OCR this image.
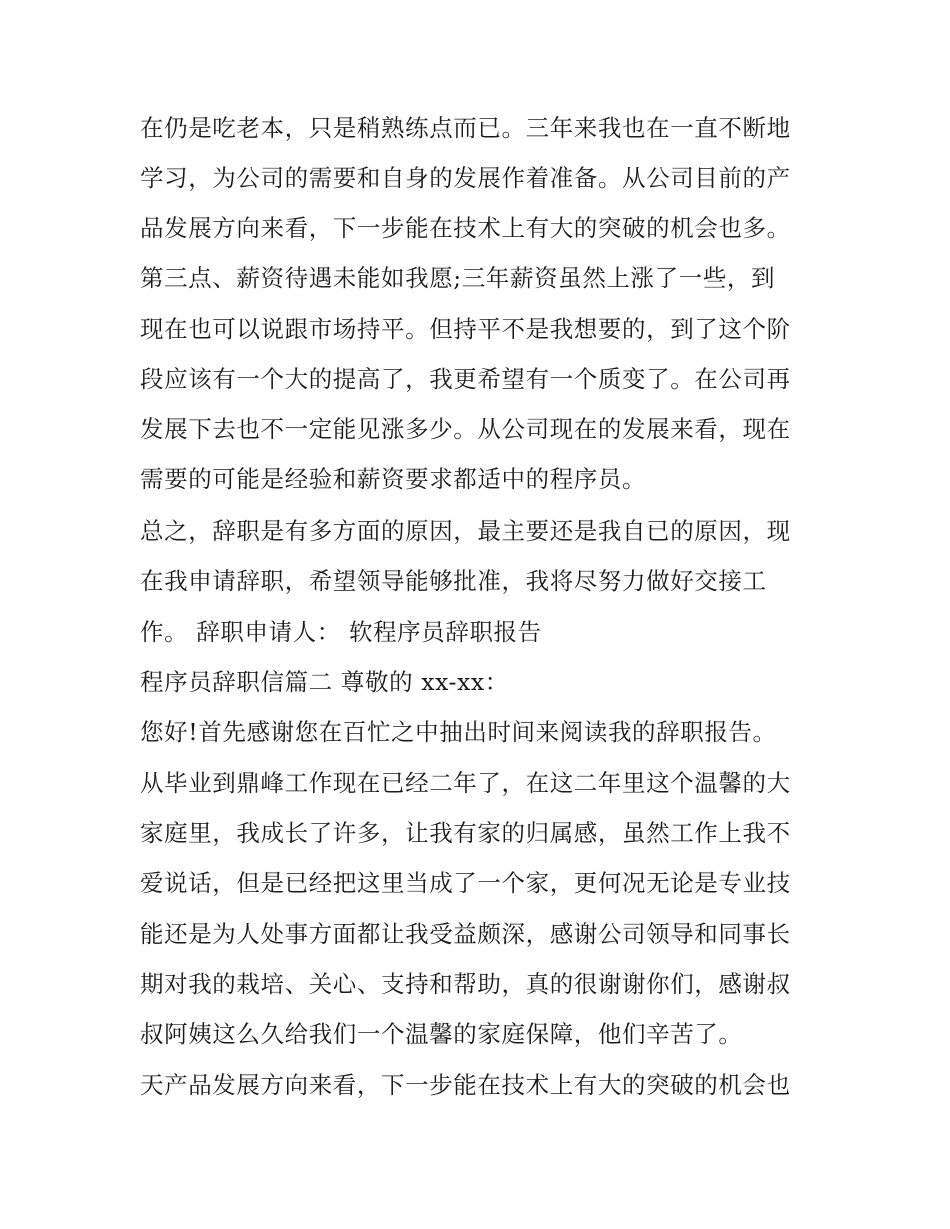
在仍是吃老本，只是稍熟练点而已。三年来我也在一直不断地
学习，为公司的需要和自身的发展作着准备。从公司目前的产
品发展方向来看，下一步能在技术上有大的突破的机会也多。
第三点、薪资待遇未能如我愿;三年薪资虽然上涨了一些，到
现在也可以说跟市场持平。但持平不是我想要的，到了这个阶
段应该有一个大的提高了，我更希望有一个质变了。在公司再
发展下去也不一定能见涨多少。从公司现在的发展来看，现在
需要的可能是经验和薪资要求都适中的程序员。
总之，辞职是有多方面的原因，最主要还是我自已的原因，现
在我申请辞职，希望领导能够批准，我将尽努力做好交接工
作。 辞职申请人： 软程序员辞职报告
程序员辞职信篇二 尊敬的 xx-xx：
您好!首先感谢您在百忙之中抽出时间来阅读我的辞职报告。
从毕业到鼎峰工作现在已经二年了，在这二年里这个温馨的大
家庭里，我成长了许多，让我有家的归属感，虽然工作上我不
爱说话，但是已经把这里当成了一个家，更何况无论是专业技
能还是为人处事方面都让我受益颇深，感谢公司领导和同事长
期对我的栽培、关心、支持和帮助，真的很谢谢你们，感谢叔
叔阿姨这么久给我们一个温馨的家庭保障，他们辛苦了。
天产品发展方向来看，下一步能在技术上有大的突破的机会也
